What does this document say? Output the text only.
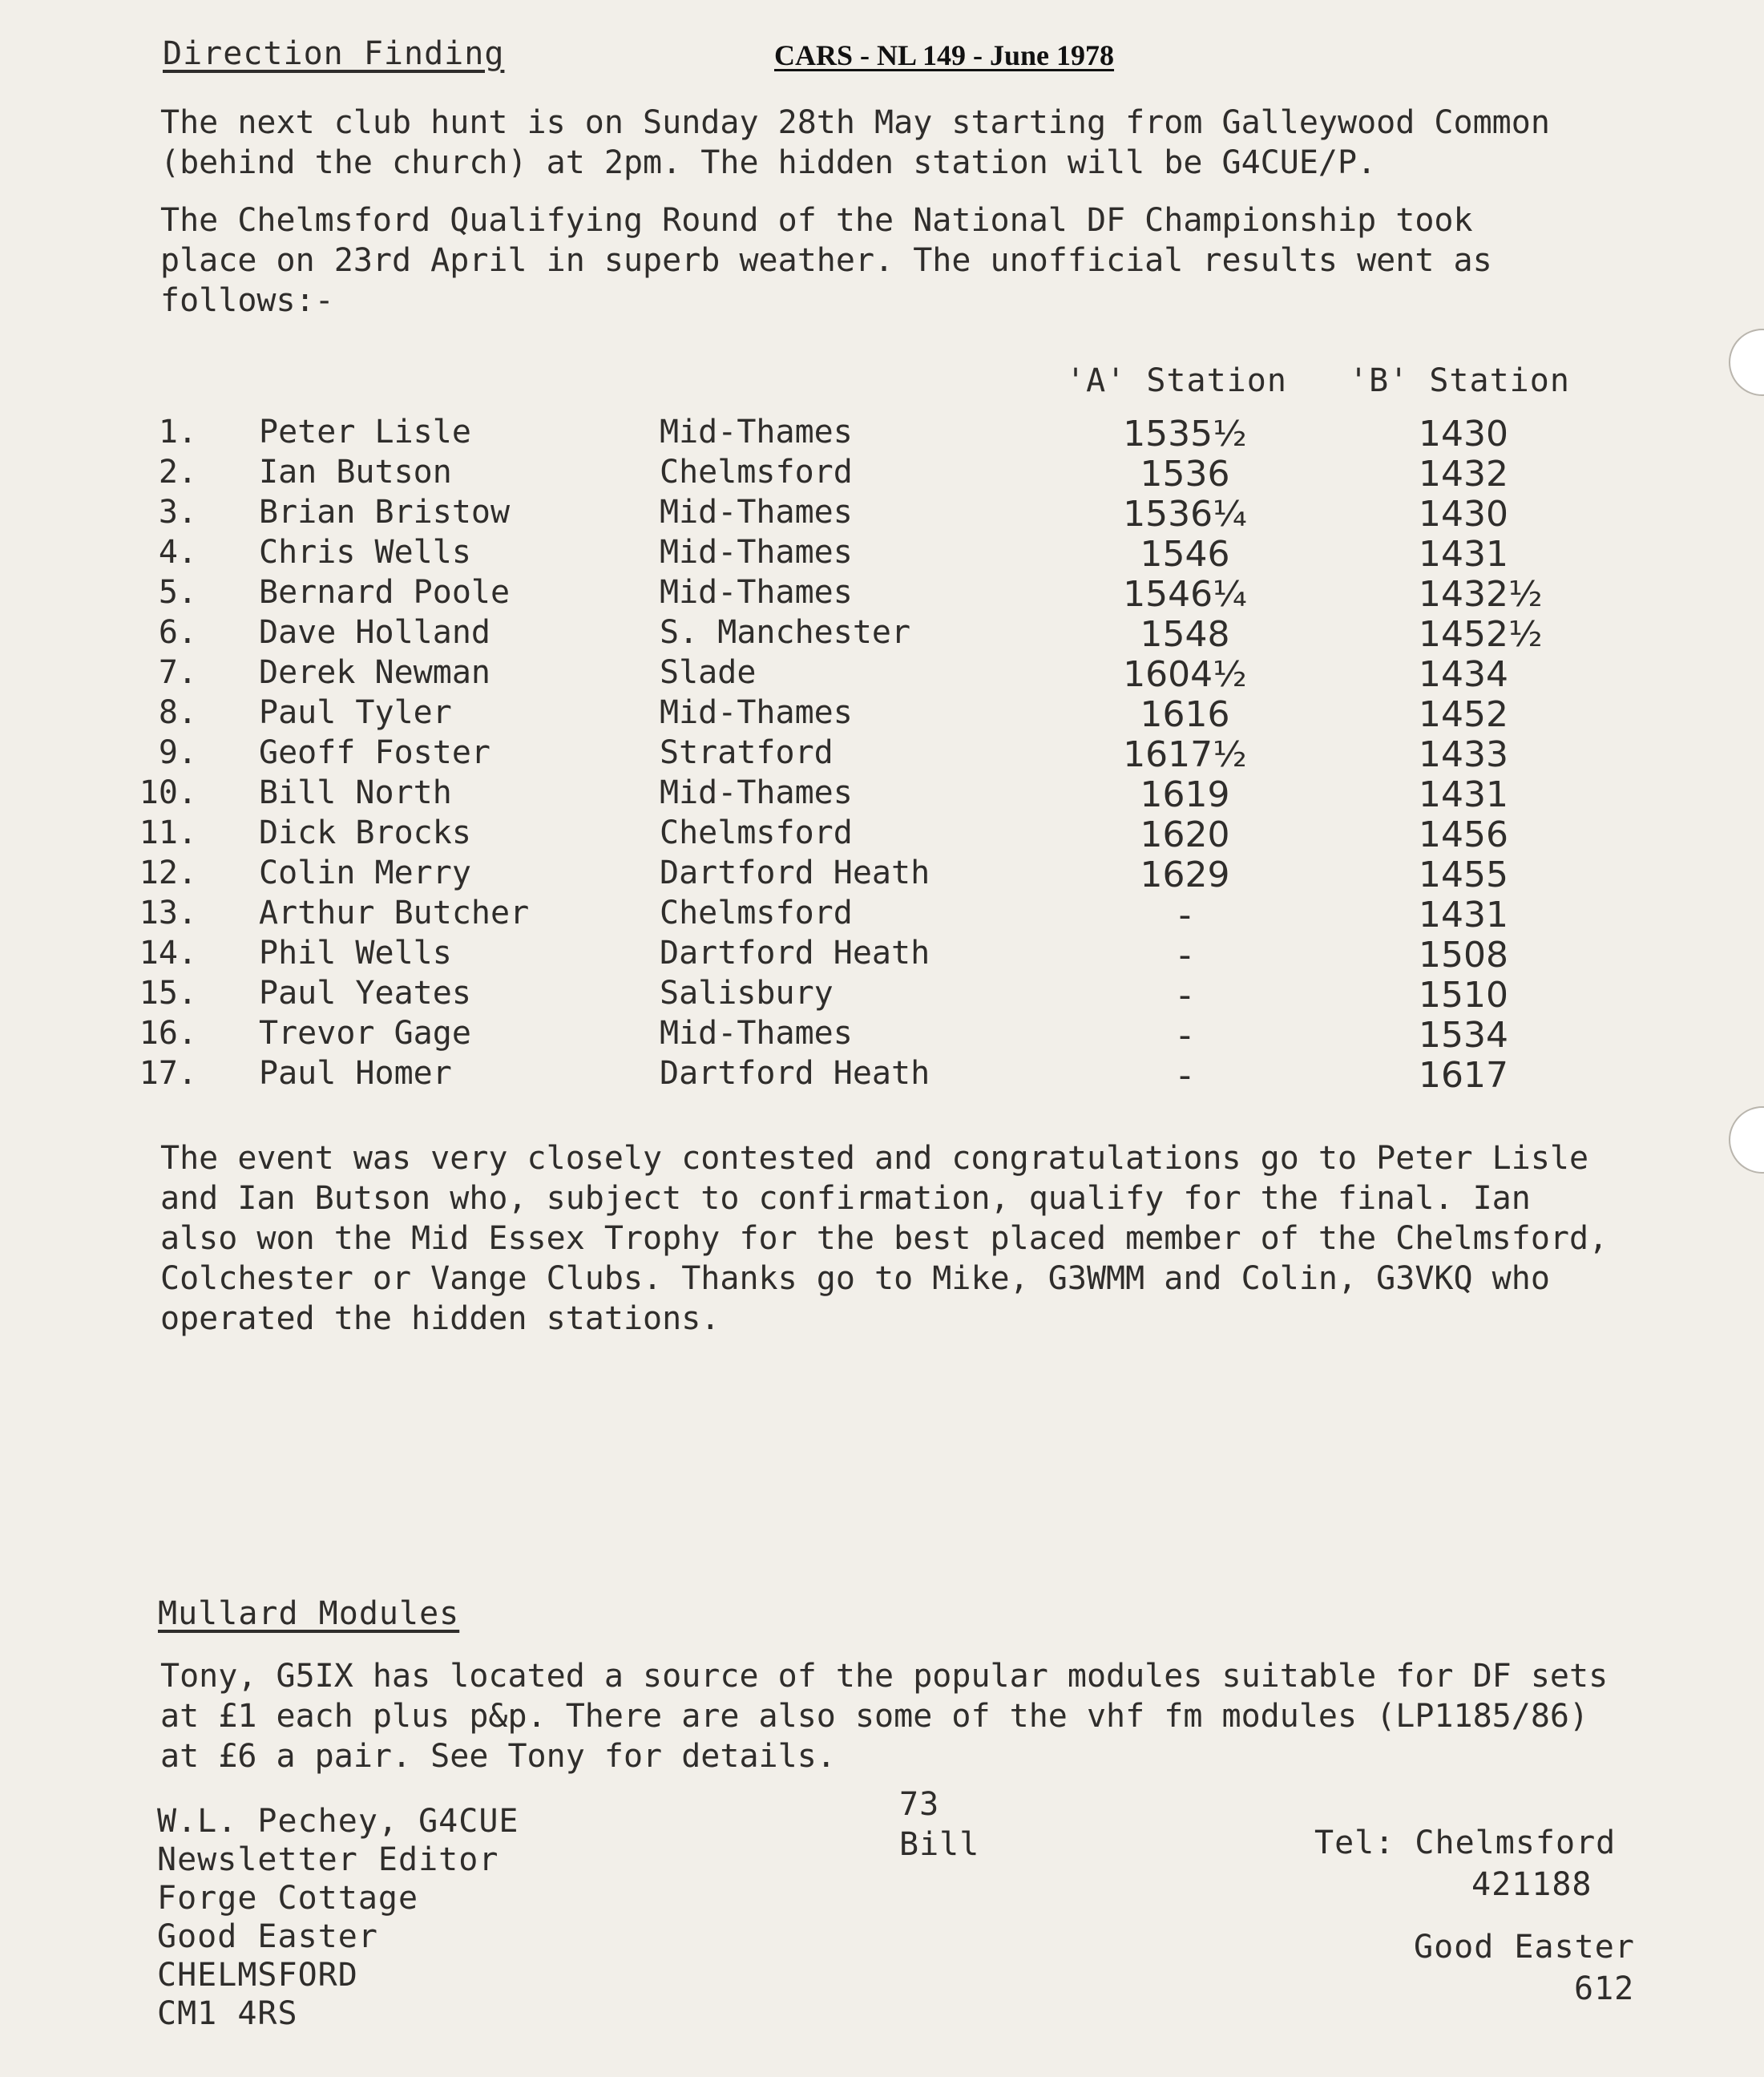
Direction Finding	CARS - NL 149 - June 1978
The next club hunt is on Sunday 28th May starting from Galleywood Common
(behind the church) at 2pm. The hidden station will be G4CUE/P.
The Chelmsford Qualifying Round of the National DF Championship took
place on 23rd April in superb weather. The unofficial results went as
follows:-
'A' Station 'B' Station
1. Peter Lisle	Mid-Thames	1535½	1430
2. Ian Butson	Chelmsford	1536	1432
3. Brian Bristow	Mid-Thames	1536¼	1430
4. Chris Wells	Mid-Thames	1546	1431
5. Bernard Poole	Mid-Thames	1546¼	1432½
6. Dave Holland	S. Manchester	1548	1452½
7. Derek Newman	Slade	1604½	1434
8. Paul Tyler	Mid-Thames	1616	1452
9. Geoff Foster	Stratford	1617½	1433
10. Bill North	Mid-Thames	1619	1431
11. Dick Brocks	Chelmsford	1620	1456
12. Colin Merry	Dartford Heath	1629	1455
13. Arthur Butcher	Chelmsford	-	1431
14. Phil Wells	Dartford Heath	-	1508
15. Paul Yeates	Salisbury	-	1510
16. Trevor Gage	Mid-Thames	-	1534
17. Paul Homer	Dartford Heath	-	1617
The event was very closely contested and congratulations go to Peter Lisle
and Ian Butson who, subject to confirmation, qualify for the final. Ian
also won the Mid Essex Trophy for the best placed member of the Chelmsford,
Colchester or Vange Clubs. Thanks go to Mike, G3WMM and Colin, G3VKQ who
operated the hidden stations.
Mullard Modules
Tony, G5IX has located a source of the popular modules suitable for DF sets
at £1 each plus p&p. There are also some of the vhf fm modules (LP1185/86)
at £6 a pair. See Tony for details.
W.L. Pechey, G4CUE
Newsletter Editor
Forge Cottage
Good Easter
CHELMSFORD
CM1 4RS
73
Bill	Tel: Chelmsford
421188
Good Easter
612
